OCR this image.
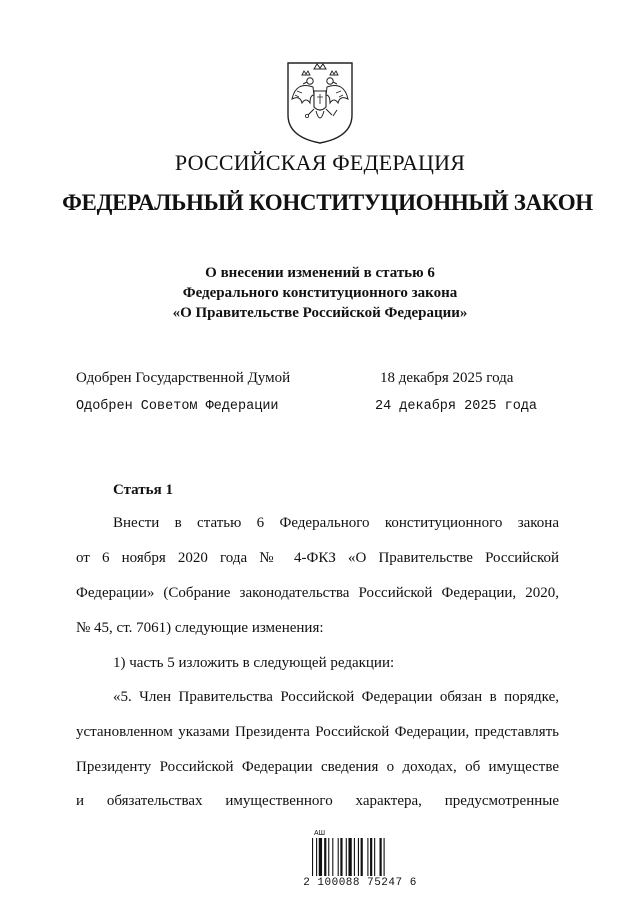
РОССИЙСКАЯ ФЕДЕРАЦИЯ
ФЕДЕРАЛЬНЫЙ КОНСТИТУЦИОННЫЙ ЗАКОН
О внесении изменений в статью 6
Федерального конституционного закона
«О Правительстве Российской Федерации»
Одобрен Государственной Думой	18 декабря 2025 года
Одобрен Советом Федерации	24 декабря 2025 года
Статья 1
Внести в статью 6 Федерального конституционного закона
от 6 ноября 2020 года № 4-ФКЗ «О Правительстве Российской
Федерации» (Собрание законодательства Российской Федерации, 2020,
№ 45, ст. 7061) следующие изменения:
1) часть 5 изложить в следующей редакции:
«5. Член Правительства Российской Федерации обязан в порядке,
установленном указами Президента Российской Федерации, представлять
Президенту Российской Федерации сведения о доходах, об имуществе
и обязательствах имущественного характера, предусмотренные
АШ
2 100088 75247 6
